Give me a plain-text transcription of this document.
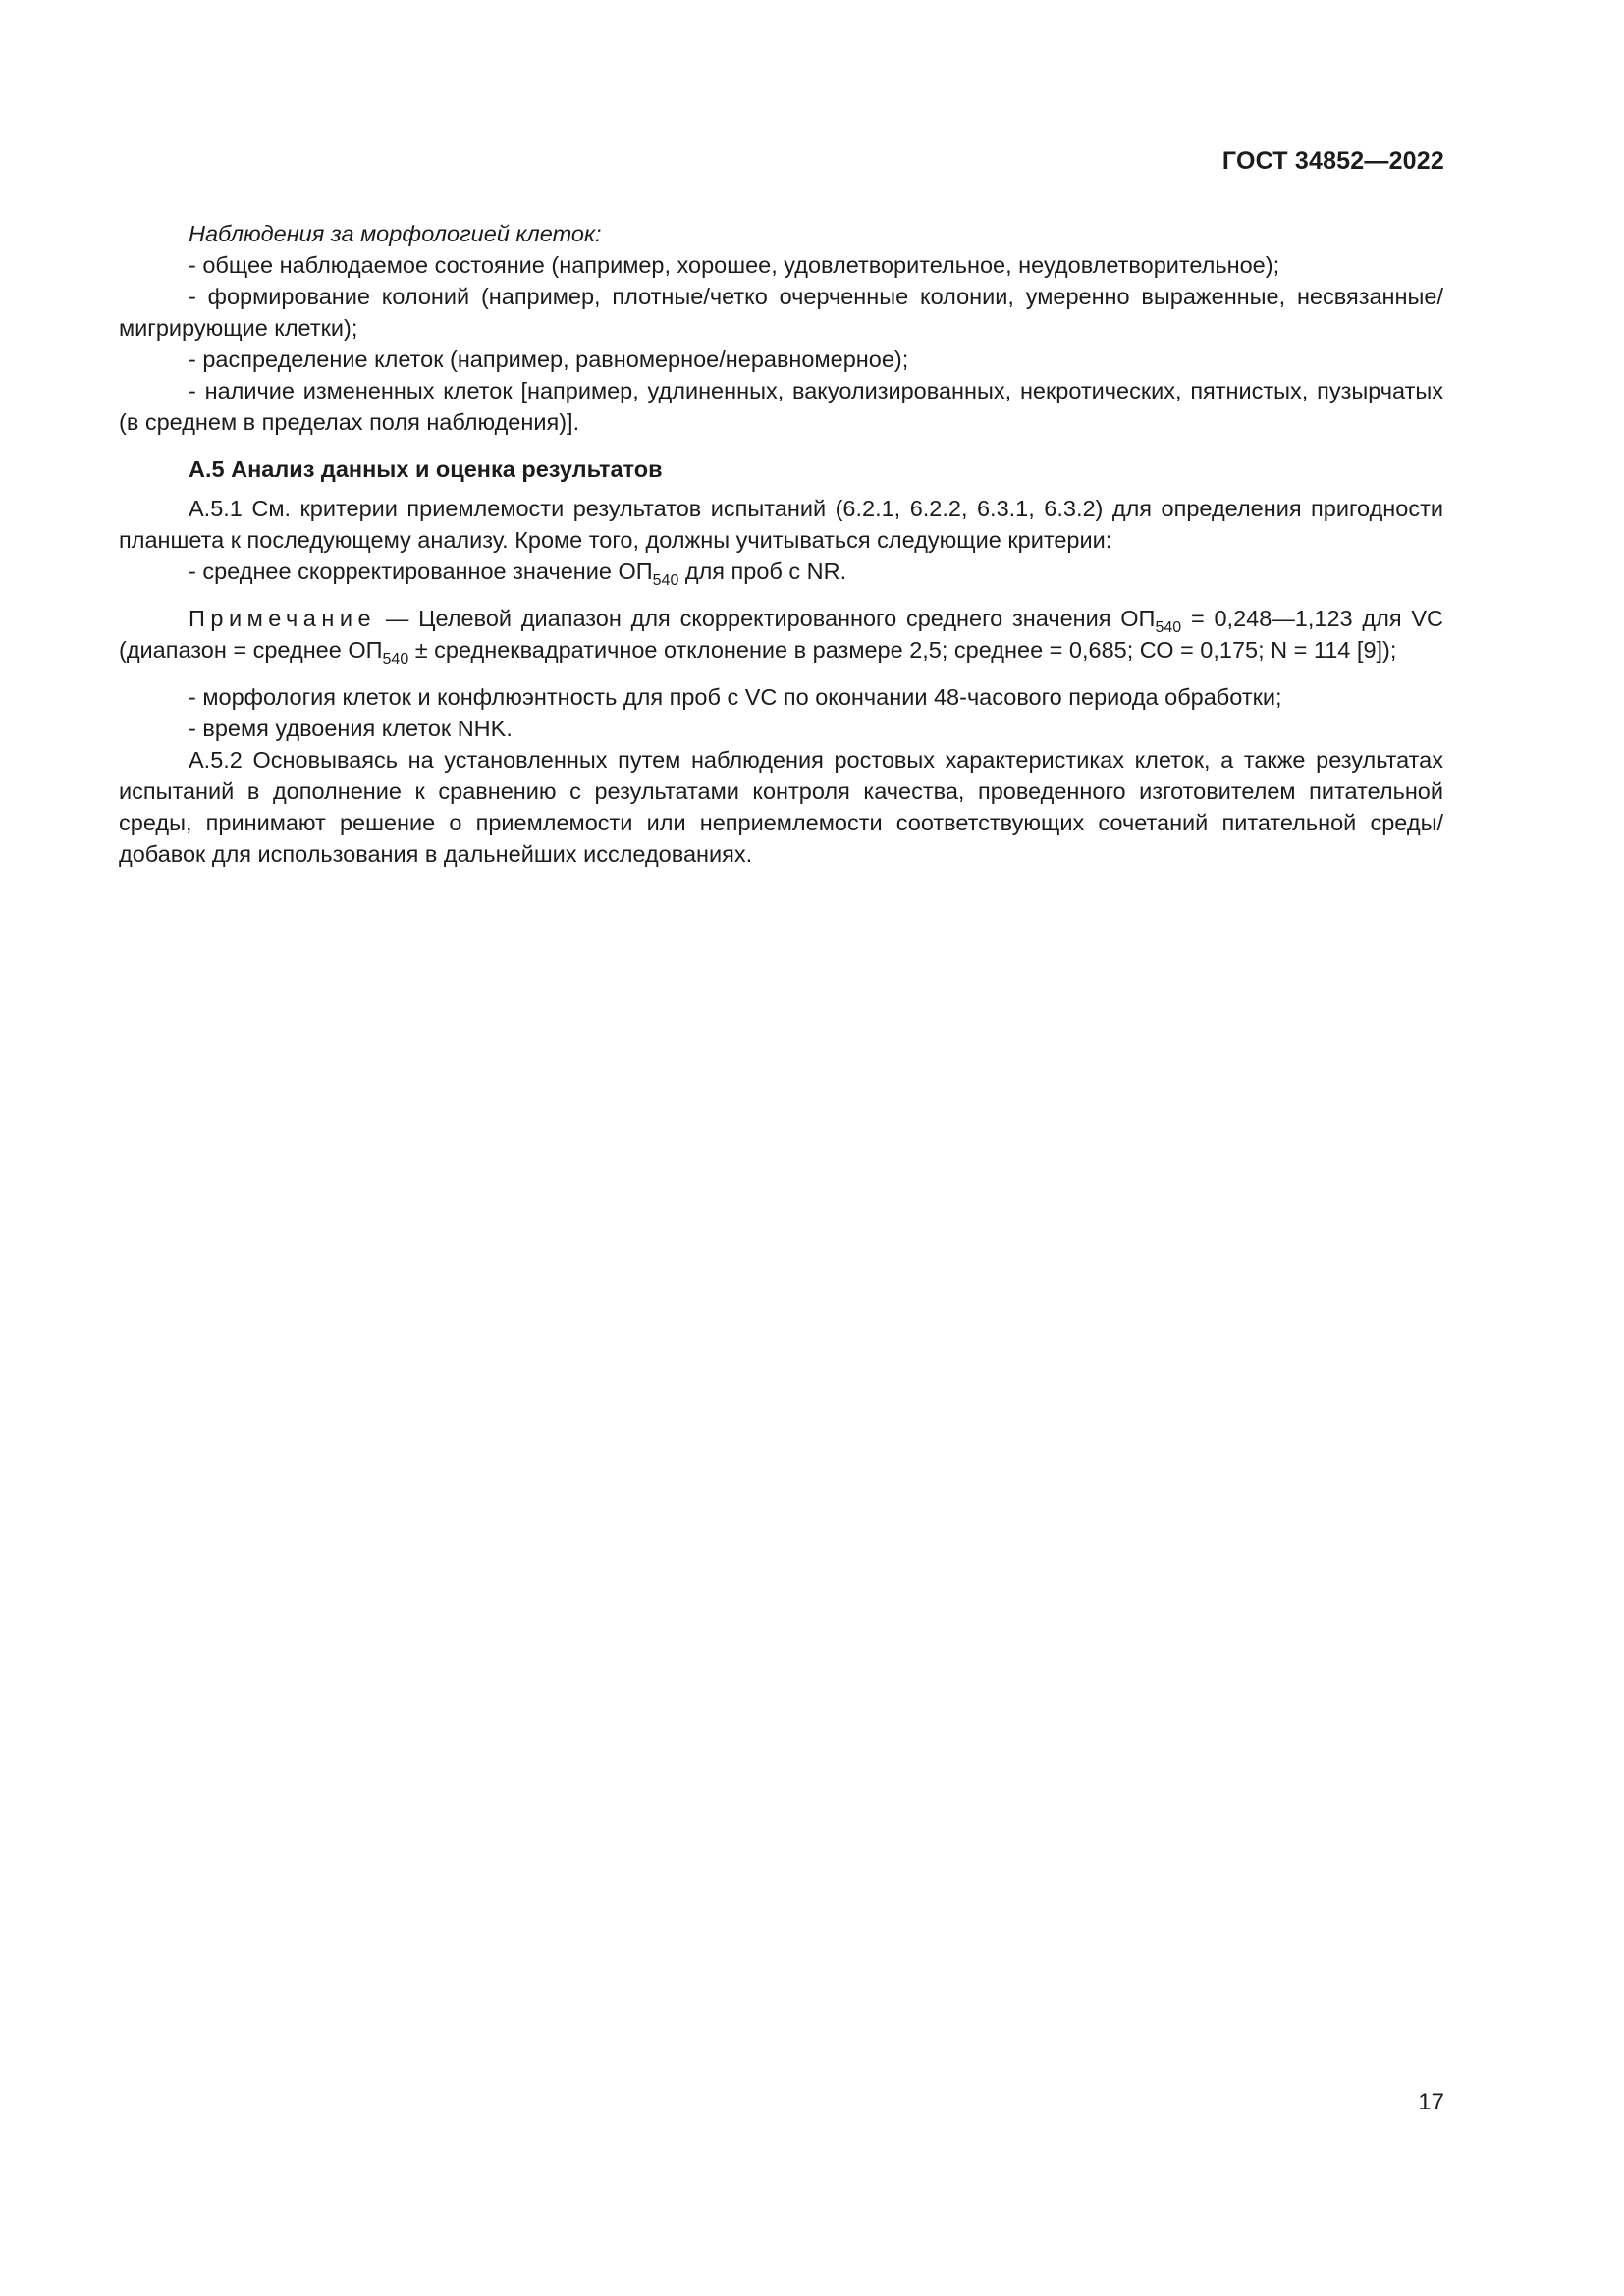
ГОСТ 34852—2022

Наблюдения за морфологией клеток:

- общее наблюдаемое состояние (например, хорошее, удовлетворительное, неудовлетворительное);

- формирование колоний (например, плотные/четко очерченные колонии, умеренно выраженные, несвязанные/мигрирующие клетки);

- распределение клеток (например, равномерное/неравномерное);

- наличие измененных клеток [например, удлиненных, вакуолизированных, некротических, пятнистых, пузырчатых (в среднем в пределах поля наблюдения)].

А.5 Анализ данных и оценка результатов

А.5.1 См. критерии приемлемости результатов испытаний (6.2.1, 6.2.2, 6.3.1, 6.3.2) для определения пригодности планшета к последующему анализу. Кроме того, должны учитываться следующие критерии:

- среднее скорректированное значение $ОП_{540}$ для проб с NR.

Примечание — Целевой диапазон для скорректированного среднего значения $ОП_{540}$ = 0,248—1,123 для VC (диапазон = среднее $ОП_{540}$ ± среднеквадратичное отклонение в размере 2,5; среднее = 0,685; СО = 0,175; N = 114 [9]);

- морфология клеток и конфлюэнтность для проб с VC по окончании 48-часового периода обработки;

- время удвоения клеток NHK.

А.5.2 Основываясь на установленных путем наблюдения ростовых характеристиках клеток, а также результатах испытаний в дополнение к сравнению с результатами контроля качества, проведенного изготовителем питательной среды, принимают решение о приемлемости или неприемлемости соответствующих сочетаний питательной среды/добавок для использования в дальнейших исследованиях.

17
